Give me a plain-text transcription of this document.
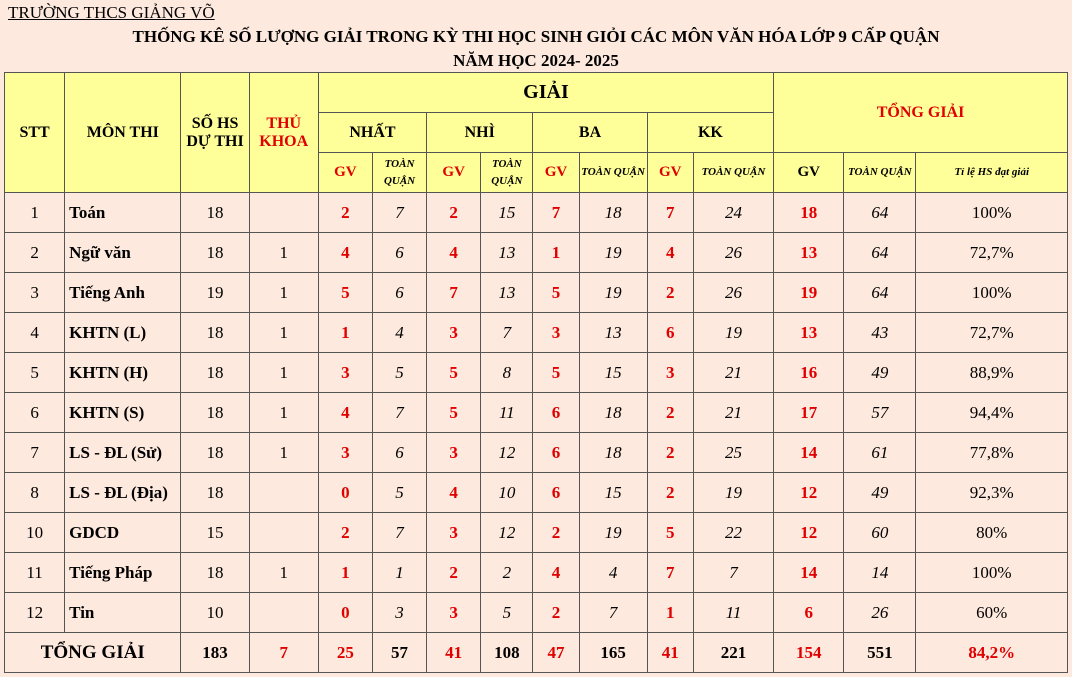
TRƯỜNG THCS GIẢNG VÕ
THỐNG KÊ SỐ LƯỢNG GIẢI TRONG KỲ THI HỌC SINH GIỎI CÁC MÔN VĂN HÓA LỚP 9 CẤP QUẬN
NĂM HỌC 2024- 2025
STT	MÔN THI	SỐ HS DỰ THI	THỦ KHOA	GIẢI								TỔNG GIẢI		
				NHẤT		NHÌ		BA		KK				
				GV	TOÀN QUẬN	GV	TOÀN QUẬN	GV	TOÀN QUẬN	GV	TOÀN QUẬN	GV	TOÀN QUẬN	Tỉ lệ HS đạt giải
1	Toán	18		2	7	2	15	7	18	7	24	18	64	100%
2	Ngữ văn	18	1	4	6	4	13	1	19	4	26	13	64	72,7%
3	Tiếng Anh	19	1	5	6	7	13	5	19	2	26	19	64	100%
4	KHTN (L)	18	1	1	4	3	7	3	13	6	19	13	43	72,7%
5	KHTN (H)	18	1	3	5	5	8	5	15	3	21	16	49	88,9%
6	KHTN (S)	18	1	4	7	5	11	6	18	2	21	17	57	94,4%
7	LS - ĐL (Sử)	18	1	3	6	3	12	6	18	2	25	14	61	77,8%
8	LS - ĐL (Địa)	18		0	5	4	10	6	15	2	19	12	49	92,3%
10	GDCD	15		2	7	3	12	2	19	5	22	12	60	80%
11	Tiếng Pháp	18	1	1	1	2	2	4	4	7	7	14	14	100%
12	Tin	10		0	3	3	5	2	7	1	11	6	26	60%
TỔNG GIẢI		183	7	25	57	41	108	47	165	41	221	154	551	84,2%
